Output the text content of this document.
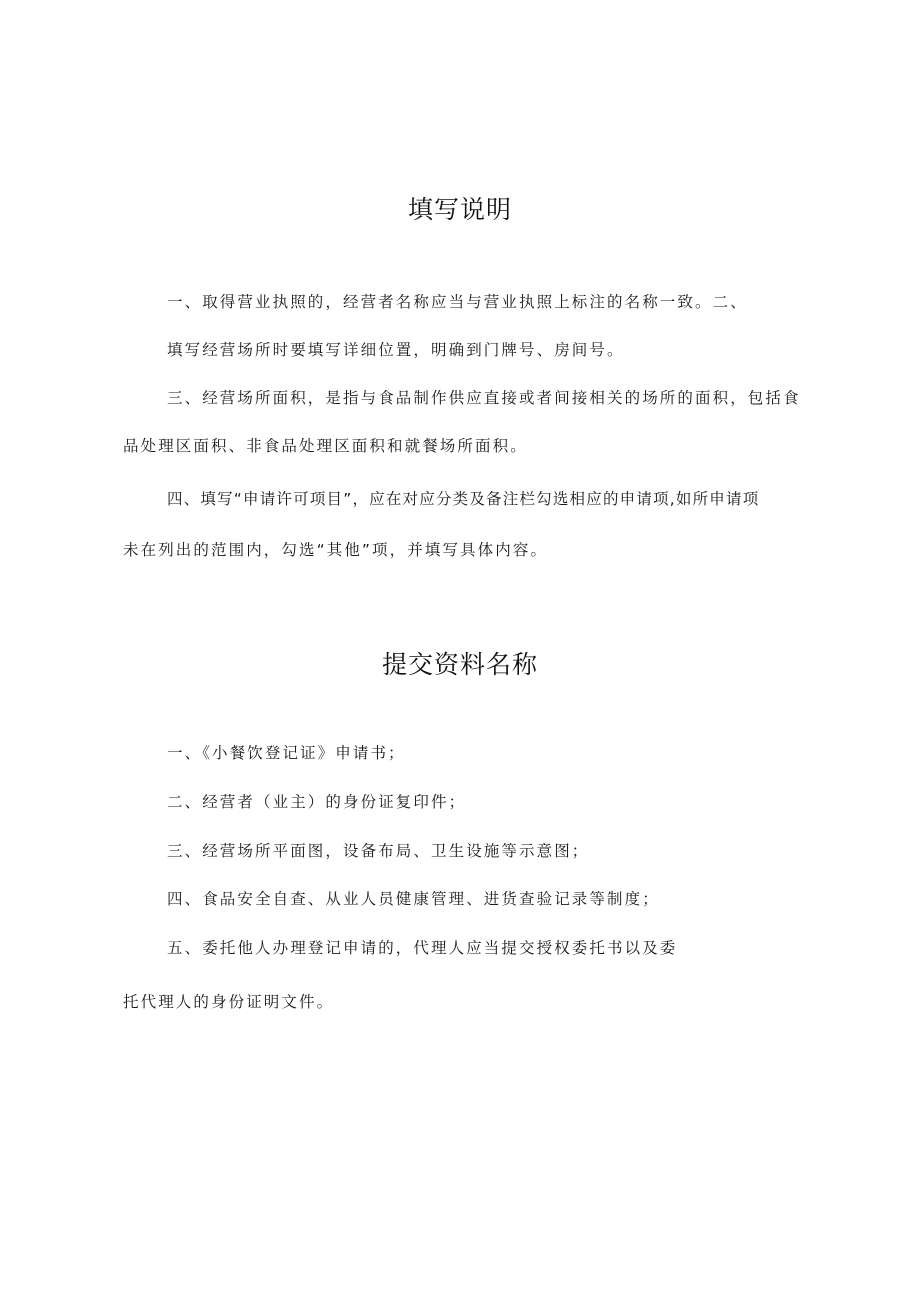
填写说明

一、取得营业执照的，经营者名称应当与营业执照上标注的名称一致。二、

填写经营场所时要填写详细位置，明确到门牌号、房间号。

三、经营场所面积，是指与食品制作供应直接或者间接相关的场所的面积，包括食

品处理区面积、非食品处理区面积和就餐场所面积。

四、填写“申请许可项目”，应在对应分类及备注栏勾选相应的申请项,如所申请项

未在列出的范围内，勾选“其他”项，并填写具体内容。

提交资料名称

一、《小餐饮登记证》申请书；

二、经营者（业主）的身份证复印件；

三、经营场所平面图，设备布局、卫生设施等示意图；

四、食品安全自查、从业人员健康管理、进货查验记录等制度；

五、委托他人办理登记申请的，代理人应当提交授权委托书以及委

托代理人的身份证明文件。
